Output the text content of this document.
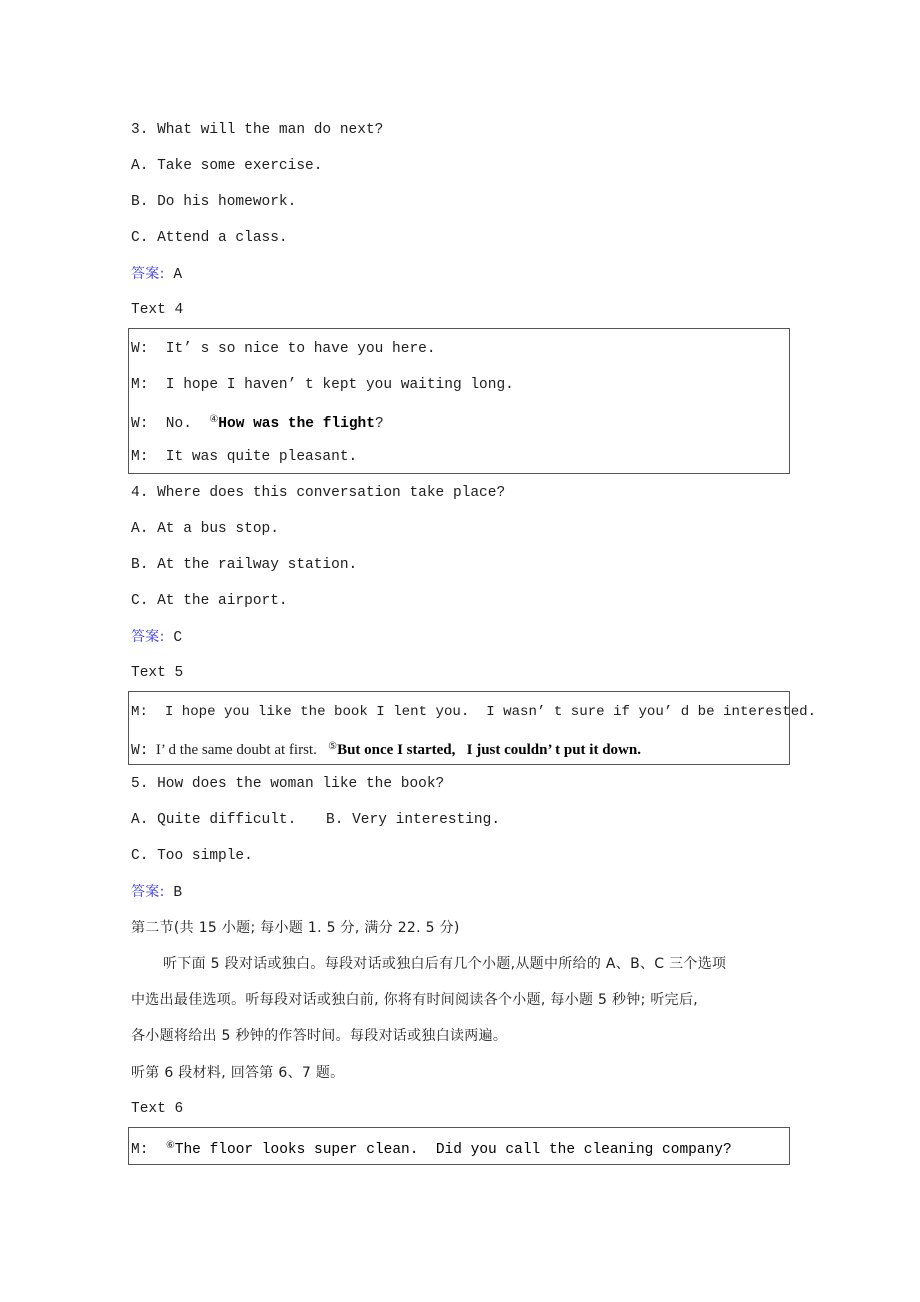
3. What will the man do next?
A. Take some exercise.
B. Do his homework.
C. Attend a class.
答案: A
Text 4
W:  It’ s so nice to have you here.
M:  I hope I haven’ t kept you waiting long.
W:  No.  ④How was the flight?
M:  It was quite pleasant.
4. Where does this conversation take place?
A. At a bus stop.
B. At the railway station.
C. At the airport.
答案: C
Text 5
M:  I hope you like the book I lent you.  I wasn’ t sure if you’ d be interested.
W:  I’ d the same doubt at first.   ⑤But once I started,   I just couldn’ t put it down.
5. How does the woman like the book?
A. Quite difficult. B. Very interesting.
C. Too simple.
答案: B
第二节(共 15 小题; 每小题 1. 5 分, 满分 22. 5 分)
听下面 5 段对话或独白。每段对话或独白后有几个小题,从题中所给的 A、B、C 三个选项
中选出最佳选项。听每段对话或独白前, 你将有时间阅读各个小题, 每小题 5 秒钟; 听完后,
各小题将给出 5 秒钟的作答时间。每段对话或独白读两遍。
听第 6 段材料, 回答第 6、7 题。
Text 6
M: ⑥The floor looks super clean.  Did you call the cleaning company?
